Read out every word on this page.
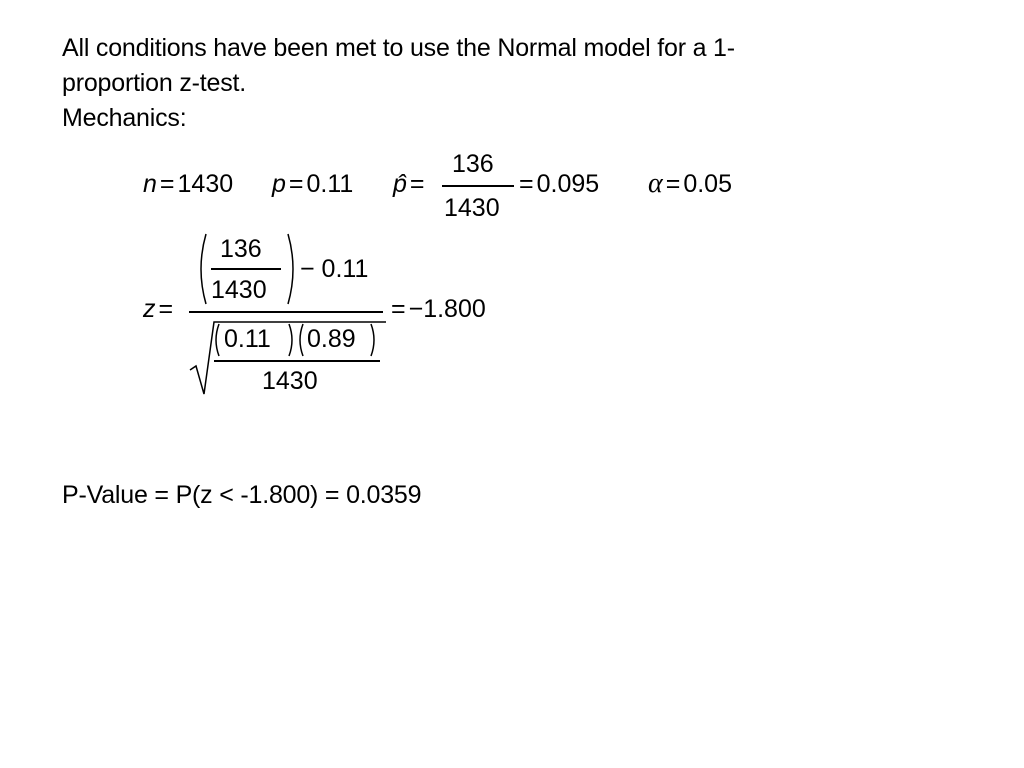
All conditions have been met to use the Normal model for a 1-
proportion z-test.
Mechanics:
n = 1430 p = 0.11 p̂ =
136
1430
= 0.095 α = 0.05
z =
136
1430
− 0.11
0.11 0.89
1430
= −1.800
P-Value = P(z < -1.800) = 0.0359
